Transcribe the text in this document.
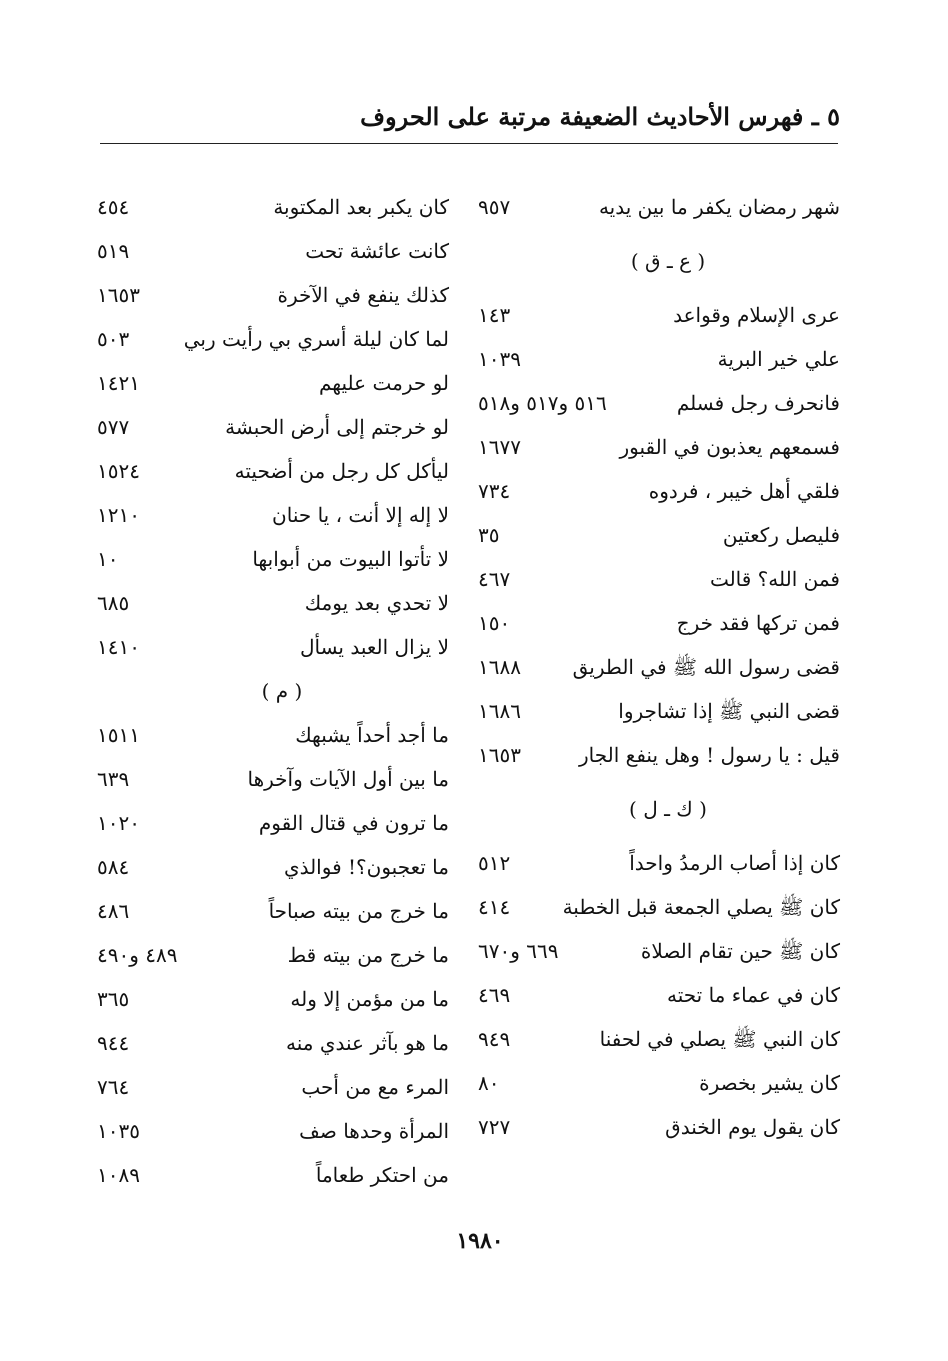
٥ ـ فهرس الأحاديث الضعيفة مرتبة على الحروف
شهر رمضان يكفر ما بين يديه
٩٥٧
( ع ـ ق )
عرى الإسلام وقواعد
١٤٣
علي خير البرية
١٠٣٩
فانحرف رجل فسلم
٥١٦ و٥١٧ و٥١٨
فسمعهم يعذبون في القبور
١٦٧٧
فلقي أهل خيبر ، فردوه
٧٣٤
فليصل ركعتين
٣٥
فمن الله؟ قالت
٤٦٧
فمن تركها فقد خرج
١٥٠
قضى رسول الله ﷺ في الطريق
١٦٨٨
قضى النبي ﷺ إذا تشاجروا
١٦٨٦
قيل : يا رسول ! وهل ينفع الجار
١٦٥٣
( ك ـ ل )
كان إذا أصاب الرمدُ واحداً
٥١٢
كان ﷺ يصلي الجمعة قبل الخطبة
٤١٤
كان ﷺ حين تقام الصلاة
٦٦٩ و٦٧٠
كان في عماء ما تحته
٤٦٩
كان النبي ﷺ يصلي في لحفنا
٩٤٩
كان يشير بخصرة
٨٠
كان يقول يوم الخندق
٧٢٧
كان يكبر بعد المكتوبة
٤٥٤
كانت عائشة تحت
٥١٩
كذلك ينفع في الآخرة
١٦٥٣
لما كان ليلة أسري بي رأيت ربي
٥٠٣
لو حرمت عليهم
١٤٢١
لو خرجتم إلى أرض الحبشة
٥٧٧
ليأكل كل رجل من أضحيته
١٥٢٤
لا إله إلا أنت ، يا حنان
١٢١٠
لا تأتوا البيوت من أبوابها
١٠
لا تحدي بعد يومك
٦٨٥
لا يزال العبد يسأل
١٤١٠
( م )
ما أجد أحداً يشبهك
١٥١١
ما بين أول الآيات وآخرها
٦٣٩
ما ترون في قتال القوم
١٠٢٠
ما تعجبون؟! فوالذي
٥٨٤
ما خرج من بيته صباحاً
٤٨٦
ما خرج من بيته قط
٤٨٩ و٤٩٠
ما من مؤمن إلا وله
٣٦٥
ما هو بآثر عندي منه
٩٤٤
المرء مع من أحب
٧٦٤
المرأة وحدها صف
١٠٣٥
من احتكر طعاماً
١٠٨٩
١٩٨٠
